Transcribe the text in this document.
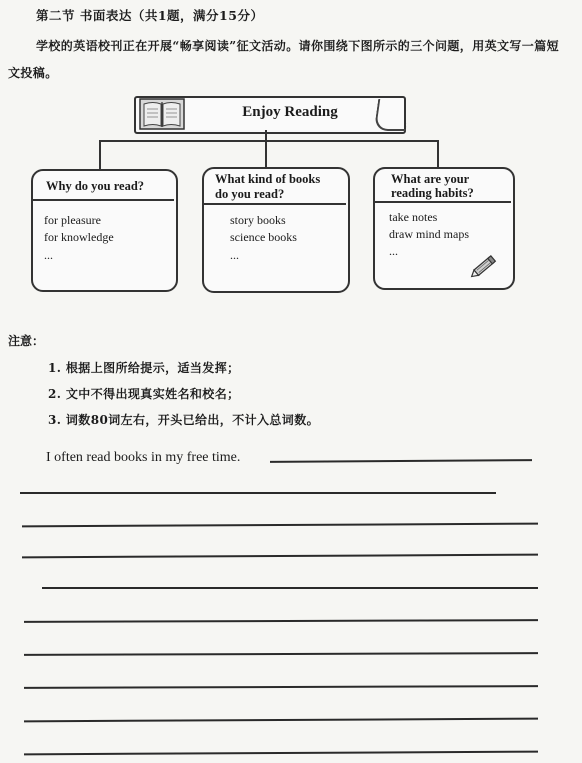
第二节 书面表达（共1题，满分15分）
学校的英语校刊正在开展“畅享阅读”征文活动。请你围绕下图所示的三个问题，用英文写一篇短文投稿。
Enjoy Reading
Why do you read?
for pleasure
for knowledge
...
What kind of books
do you read?
story books
science books
...
What are your
reading habits?
take notes
draw mind maps
...
注意：
1. 根据上图所给提示，适当发挥；
2. 文中不得出现真实姓名和校名；
3. 词数80词左右，开头已给出，不计入总词数。
I often read books in my free time.
